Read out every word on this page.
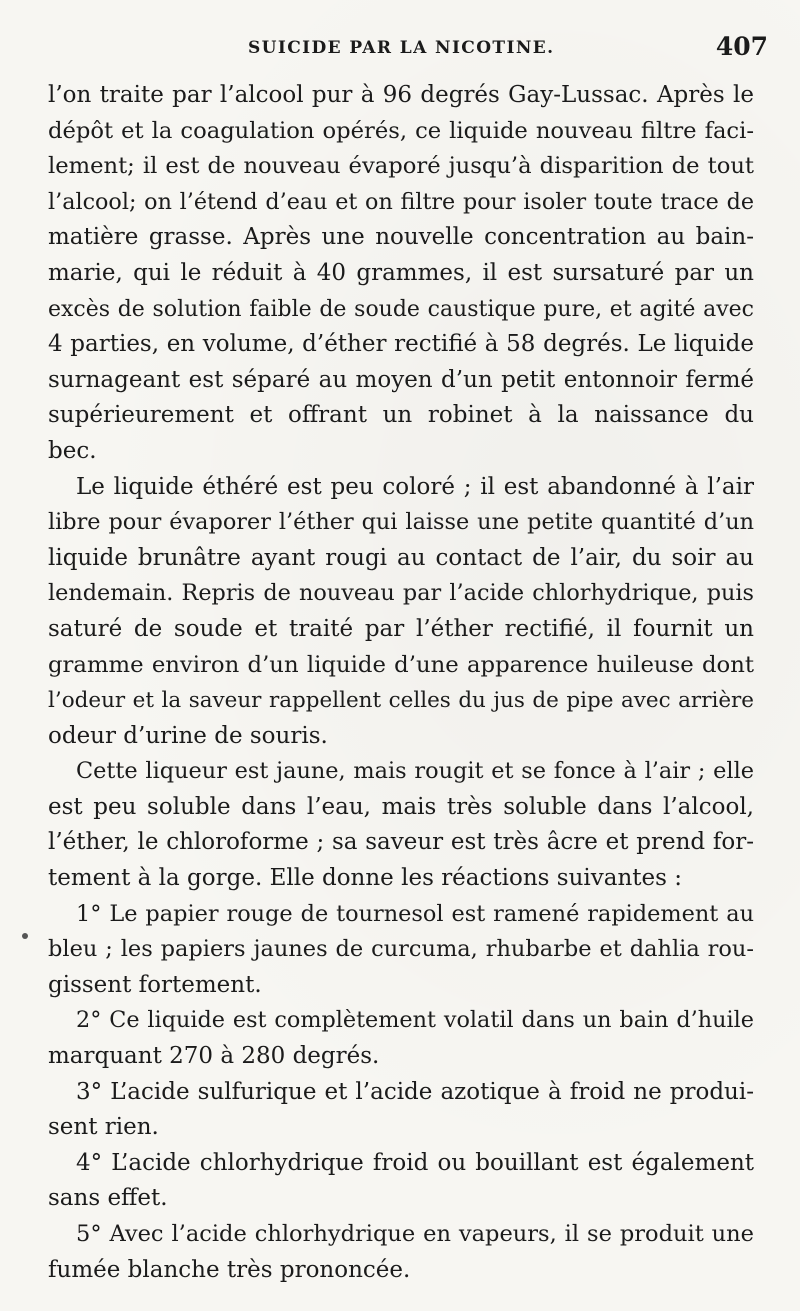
SUICIDE PAR LA NICOTINE.	407
l’on traite par l’alcool pur à 96 degrés Gay-Lussac. Après le
dépôt et la coagulation opérés, ce liquide nouveau filtre faci-
lement; il est de nouveau évaporé jusqu’à disparition de tout
l’alcool; on l’étend d’eau et on filtre pour isoler toute trace de
matière grasse. Après une nouvelle concentration au bain-
marie, qui le réduit à 40 grammes, il est sursaturé par un
excès de solution faible de soude caustique pure, et agité avec
4 parties, en volume, d’éther rectifié à 58 degrés. Le liquide
surnageant est séparé au moyen d’un petit entonnoir fermé
supérieurement et offrant un robinet à la naissance du
bec.
Le liquide éthéré est peu coloré ; il est abandonné à l’air
libre pour évaporer l’éther qui laisse une petite quantité d’un
liquide brunâtre ayant rougi au contact de l’air, du soir au
lendemain. Repris de nouveau par l’acide chlorhydrique, puis
saturé de soude et traité par l’éther rectifié, il fournit un
gramme environ d’un liquide d’une apparence huileuse dont
l’odeur et la saveur rappellent celles du jus de pipe avec arrière
odeur d’urine de souris.
Cette liqueur est jaune, mais rougit et se fonce à l’air ; elle
est peu soluble dans l’eau, mais très soluble dans l’alcool,
l’éther, le chloroforme ; sa saveur est très âcre et prend for-
tement à la gorge. Elle donne les réactions suivantes :
1° Le papier rouge de tournesol est ramené rapidement au
bleu ; les papiers jaunes de curcuma, rhubarbe et dahlia rou-
gissent fortement.
2° Ce liquide est complètement volatil dans un bain d’huile
marquant 270 à 280 degrés.
3° L’acide sulfurique et l’acide azotique à froid ne produi-
sent rien.
4° L’acide chlorhydrique froid ou bouillant est également
sans effet.
5° Avec l’acide chlorhydrique en vapeurs, il se produit une
fumée blanche très prononcée.
